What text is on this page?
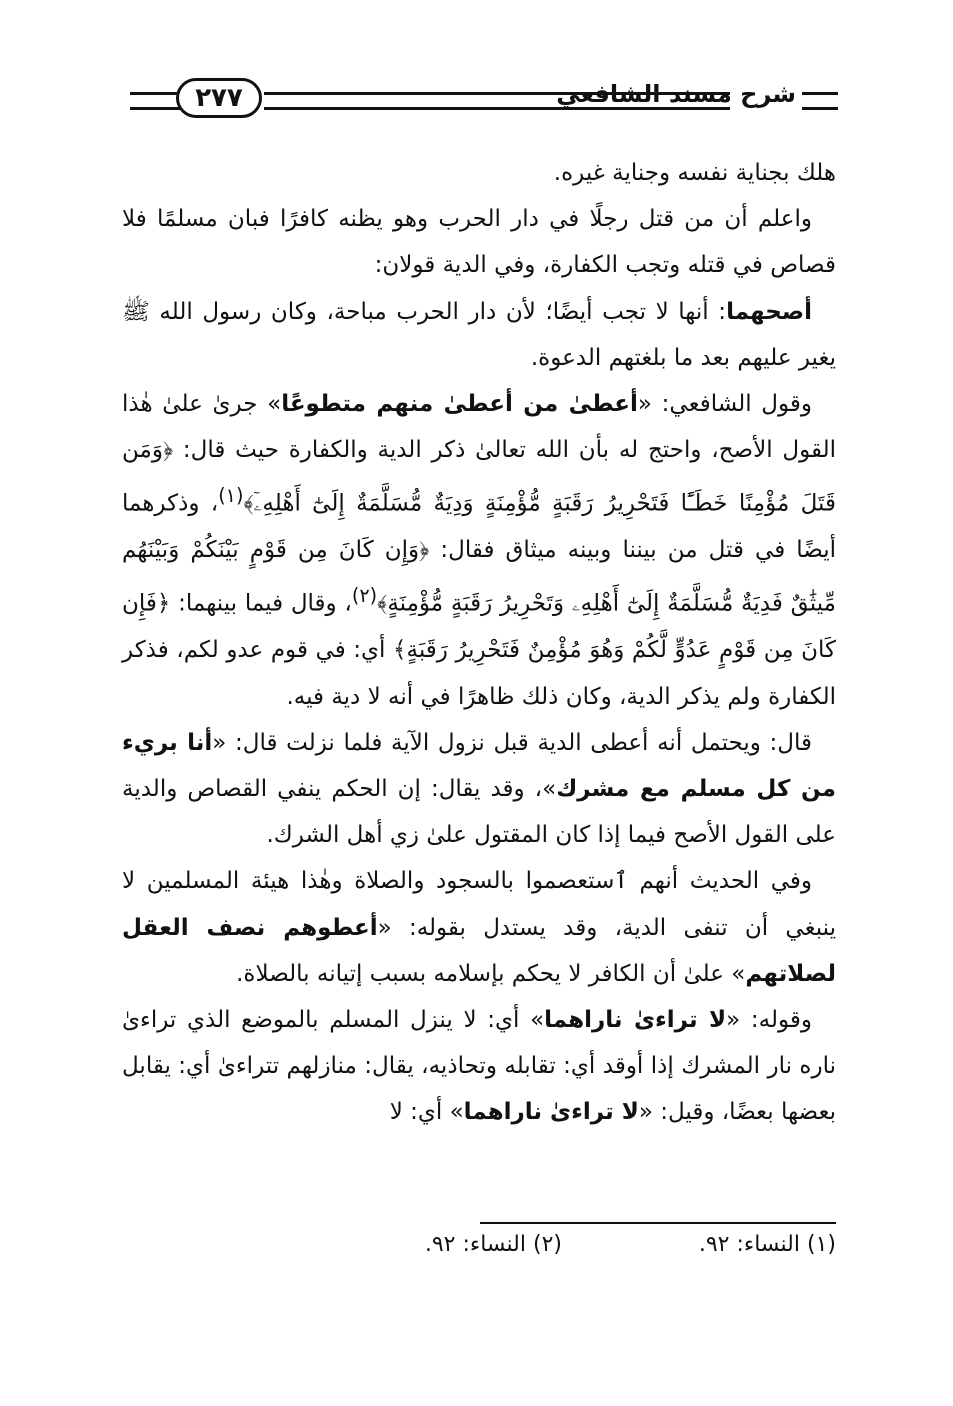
٢٧٧	شرح مسند الشافعي

هلك بجناية نفسه وجناية غيره.

واعلم أن من قتل رجلًا في دار الحرب وهو يظنه كافرًا فبان مسلمًا فلا قصاص في قتله وتجب الكفارة، وفي الدية قولان:

أصحهما: أنها لا تجب أيضًا؛ لأن دار الحرب مباحة، وكان رسول الله ﷺ يغير عليهم بعد ما بلغتهم الدعوة.

وقول الشافعي: «أعطىٰ من أعطىٰ منهم متطوعًا» جرىٰ علىٰ هٰذا القول الأصح، واحتج له بأن الله تعالىٰ ذكر الدية والكفارة حيث قال: ﴿وَمَن قَتَلَ مُؤْمِنًا خَطَـًٔا فَتَحْرِيرُ رَقَبَةٍ مُّؤْمِنَةٍ وَدِيَةٌ مُّسَلَّمَةٌ إِلَىٰٓ أَهْلِهِۦٓ﴾$^{(١)}$، وذكرهما أيضًا في قتل من بيننا وبينه ميثاق فقال: ﴿وَإِن كَانَ مِن قَوْمٍ بَيْنَكُمْ وَبَيْنَهُم مِّيثَٰقٌ فَدِيَةٌ مُّسَلَّمَةٌ إِلَىٰٓ أَهْلِهِۦ وَتَحْرِيرُ رَقَبَةٍ مُّؤْمِنَةٍ﴾$^{(٢)}$، وقال فيما بينهما: ﴿فَإِن كَانَ مِن قَوْمٍ عَدُوٍّ لَّكُمْ وَهُوَ مُؤْمِنٌ فَتَحْرِيرُ رَقَبَةٍ﴾ أي: في قوم عدو لكم، فذكر الكفارة ولم يذكر الدية، وكان ذلك ظاهرًا في أنه لا دية فيه.

قال: ويحتمل أنه أعطى الدية قبل نزول الآية فلما نزلت قال: «أنا بريء من كل مسلم مع مشرك»، وقد يقال: إن الحكم ينفي القصاص والدية على القول الأصح فيما إذا كان المقتول علىٰ زي أهل الشرك.

وفي الحديث أنهم ٱستعصموا بالسجود والصلاة وهٰذا هيئة المسلمين لا ينبغي أن تنفى الدية، وقد يستدل بقوله: «أعطوهم نصف العقل لصلاتهم» علىٰ أن الكافر لا يحكم بإسلامه بسبب إتيانه بالصلاة.

وقوله: «لا تراءىٰ ناراهما» أي: لا ينزل المسلم بالموضع الذي تراءىٰ ناره نار المشرك إذا أوقد أي: تقابله وتحاذيه، يقال: منازلهم تتراءىٰ أي: يقابل بعضها بعضًا، وقيل: «لا تراءىٰ ناراهما» أي: لا

(١) النساء: ٩٢.
(٢) النساء: ٩٢.
